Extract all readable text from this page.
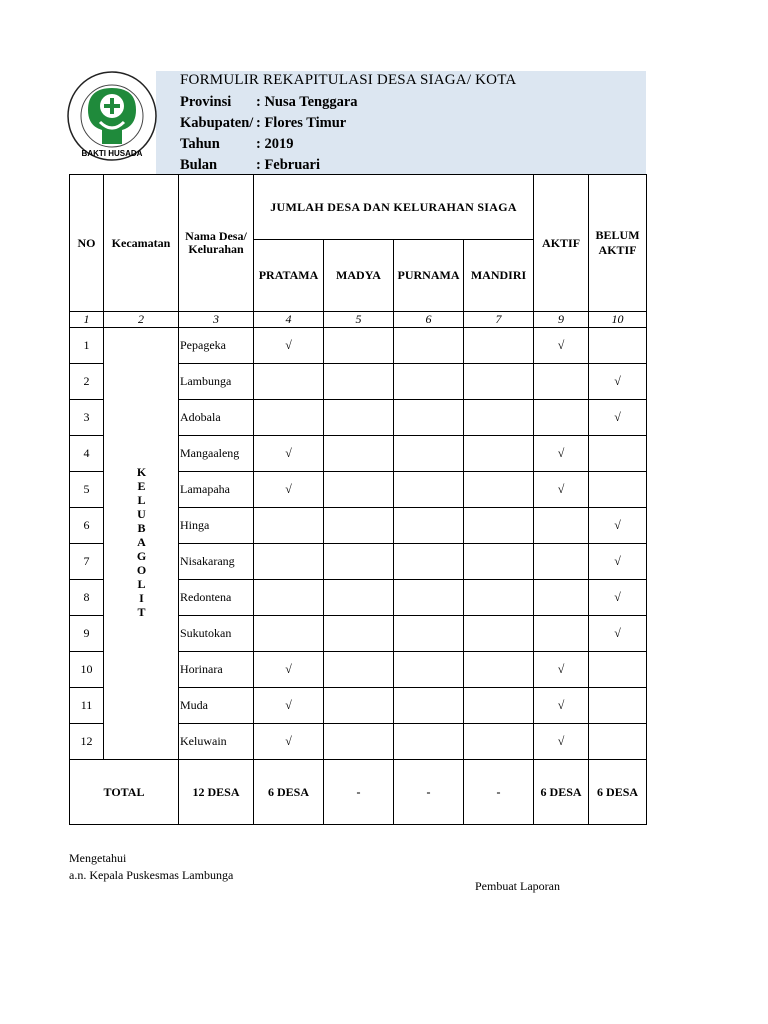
BAKTI HUSADA
FORMULIR REKAPITULASI DESA SIAGA/ KOTA
Provinsi : Nusa Tenggara
Kabupaten/ : Flores Timur
Tahun : 2019
Bulan	: Februari
NO	Kecamatan	Nama Desa/ Kelurahan	JUMLAH DESA DAN KELURAHAN SIAGA				AKTIF	BELUM AKTIF
			PRATAMA	MADYA	PURNAMA	MANDIRI		
1	2	3	4	5	6	7	9	10
1	KELUBAGOLIT	Pepageka	√				√	
2		Lambunga						√
3		Adobala						√
4		Mangaaleng	√				√	
5		Lamapaha	√				√	
6		Hinga						√
7		Nisakarang						√
8		Redontena						√
9		Sukutokan						√
10		Horinara	√				√	
11		Muda	√				√	
12		Keluwain	√				√	
TOTAL		12 DESA	6 DESA	-	-	-	6 DESA	6 DESA
Mengetahui
a.n. Kepala Puskesmas Lambunga
Pembuat Laporan
